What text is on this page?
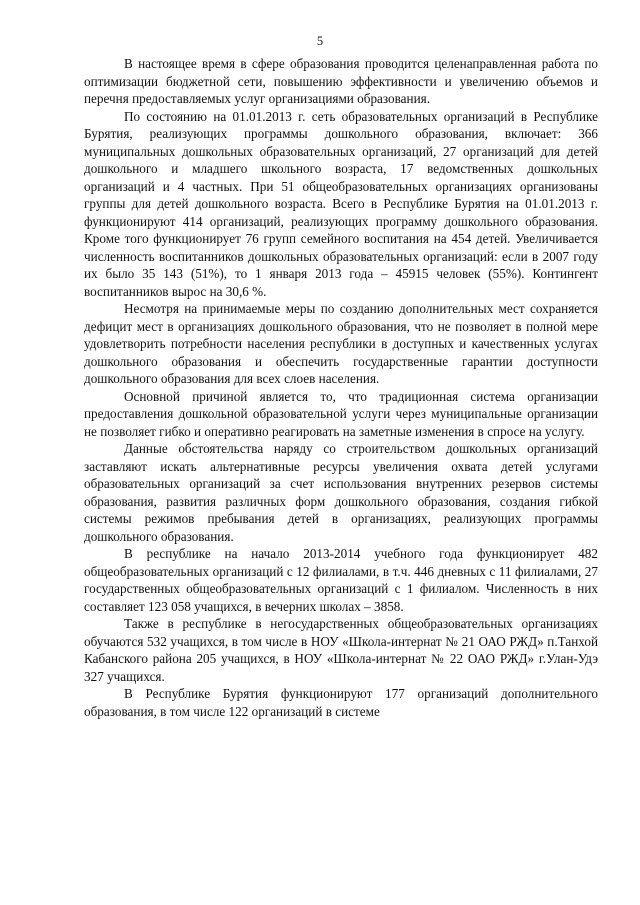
5

В настоящее время в сфере образования проводится целенаправленная работа по оптимизации бюджетной сети, повышению эффективности и увеличению объемов и перечня предоставляемых услуг организациями образования.

По состоянию на 01.01.2013 г. сеть образовательных организаций в Республике Бурятия, реализующих программы дошкольного образования, включает: 366 муниципальных дошкольных образовательных организаций, 27 организаций для детей дошкольного и младшего школьного возраста, 17 ведомственных дошкольных организаций и 4 частных. При 51 общеобразовательных организациях организованы группы для детей дошкольного возраста. Всего в Республике Бурятия на 01.01.2013 г. функционируют 414 организаций, реализующих программу дошкольного образования. Кроме того функционирует 76 групп семейного воспитания на 454 детей. Увеличивается численность воспитанников дошкольных образовательных организаций: если в 2007 году их было 35 143 (51%), то 1 января 2013 года – 45915 человек (55%). Контингент воспитанников вырос на 30,6 %.

Несмотря на принимаемые меры по созданию дополнительных мест сохраняется дефицит мест в организациях дошкольного образования, что не позволяет в полной мере удовлетворить потребности населения республики в доступных и качественных услугах дошкольного образования и обеспечить государственные гарантии доступности дошкольного образования для всех слоев населения.

Основной причиной является то, что традиционная система организации предоставления дошкольной образовательной услуги через муниципальные организации не позволяет гибко и оперативно реагировать на заметные изменения в спросе на услугу.

Данные обстоятельства наряду со строительством дошкольных организаций заставляют искать альтернативные ресурсы увеличения охвата детей услугами образовательных организаций за счет использования внутренних резервов системы образования, развития различных форм дошкольного образования, создания гибкой системы режимов пребывания детей в организациях, реализующих программы дошкольного образования.

В республике на начало 2013-2014 учебного года функционирует 482 общеобразовательных организаций с 12 филиалами, в т.ч. 446 дневных с 11 филиалами, 27 государственных общеобразовательных организаций с 1 филиалом. Численность в них составляет 123 058 учащихся, в вечерних школах – 3858.

Также в республике в негосударственных общеобразовательных организациях обучаются 532 учащихся, в том числе в НОУ «Школа-интернат № 21 ОАО РЖД» п.Танхой Кабанского района 205 учащихся, в НОУ «Школа-интернат № 22 ОАО РЖД» г.Улан-Удэ 327 учащихся.

В Республике Бурятия функционируют 177 организаций дополнительного образования, в том числе 122 организаций в системе
